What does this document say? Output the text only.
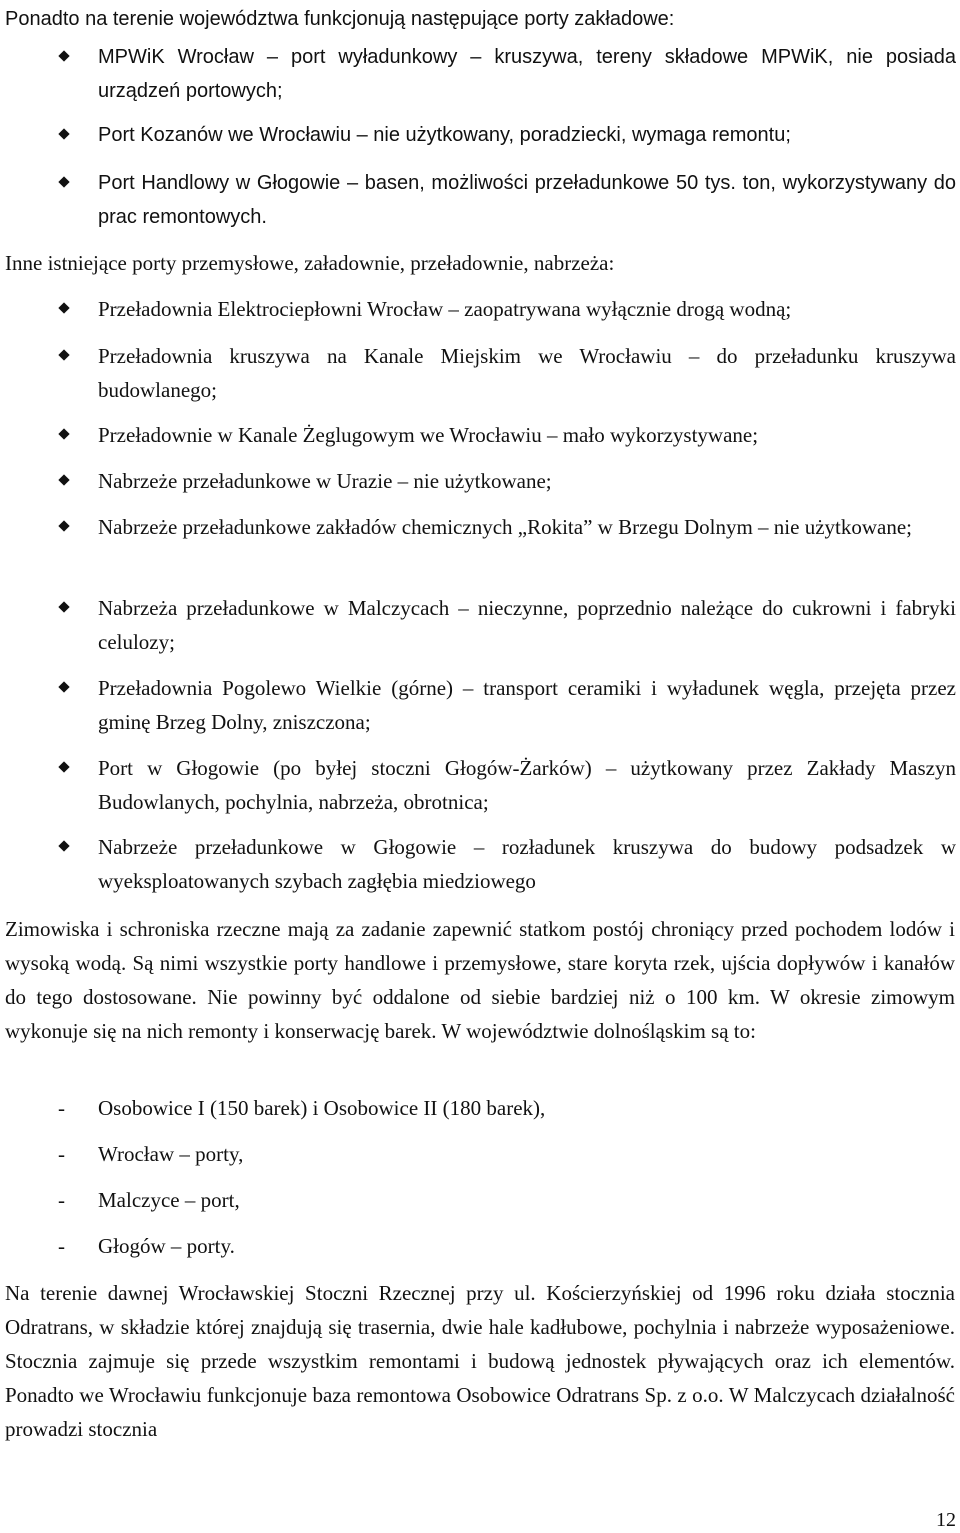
Ponadto na terenie województwa funkcjonują następujące porty zakładowe:

MPWiK Wrocław – port wyładunkowy – kruszywa, tereny składowe MPWiK, nie posiada urządzeń portowych;
Port Kozanów we Wrocławiu – nie użytkowany, poradziecki, wymaga remontu;
Port Handlowy w Głogowie – basen, możliwości przeładunkowe 50 tys. ton, wykorzystywany do prac remontowych.

Inne istniejące porty przemysłowe, załadownie, przeładownie, nabrzeża:

Przeładownia Elektrociepłowni Wrocław – zaopatrywana wyłącznie drogą wodną;
Przeładownia kruszywa na Kanale Miejskim we Wrocławiu – do przeładunku kruszywa budowlanego;
Przeładownie w Kanale Żeglugowym we Wrocławiu – mało wykorzystywane;
Nabrzeże przeładunkowe w Urazie – nie użytkowane;
Nabrzeże przeładunkowe zakładów chemicznych „Rokita” w Brzegu Dolnym – nie użytkowane;
Nabrzeża przeładunkowe w Malczycach – nieczynne, poprzednio należące do cukrowni i fabryki celulozy;
Przeładownia Pogolewo Wielkie (górne) – transport ceramiki i wyładunek węgla, przejęta przez gminę Brzeg Dolny, zniszczona;
Port w Głogowie (po byłej stoczni Głogów-Żarków) – użytkowany przez Zakłady Maszyn Budowlanych, pochylnia, nabrzeża, obrotnica;
Nabrzeże przeładunkowe w Głogowie – rozładunek kruszywa do budowy podsadzek w wyeksploatowanych szybach zagłębia miedziowego

Zimowiska i schroniska rzeczne mają za zadanie zapewnić statkom postój chroniący przed pochodem lodów i wysoką wodą. Są nimi wszystkie porty handlowe i przemysłowe, stare koryta rzek, ujścia dopływów i kanałów do tego dostosowane. Nie powinny być oddalone od siebie bardziej niż o 100 km. W okresie zimowym wykonuje się na nich remonty i konserwację barek. W województwie dolnośląskim są to:

- Osobowice I (150 barek) i Osobowice II (180 barek),
- Wrocław – porty,
- Malczyce – port,
- Głogów – porty.

Na terenie dawnej Wrocławskiej Stoczni Rzecznej przy ul. Kościerzyńskiej od 1996 roku działa stocznia Odratrans, w składzie której znajdują się trasernia, dwie hale kadłubowe, pochylnia i nabrzeże wyposażeniowe. Stocznia zajmuje się przede wszystkim remontami i budową jednostek pływających oraz ich elementów. Ponadto we Wrocławiu funkcjonuje baza remontowa Osobowice Odratrans Sp. z o.o. W Malczycach działalność prowadzi stocznia

12
